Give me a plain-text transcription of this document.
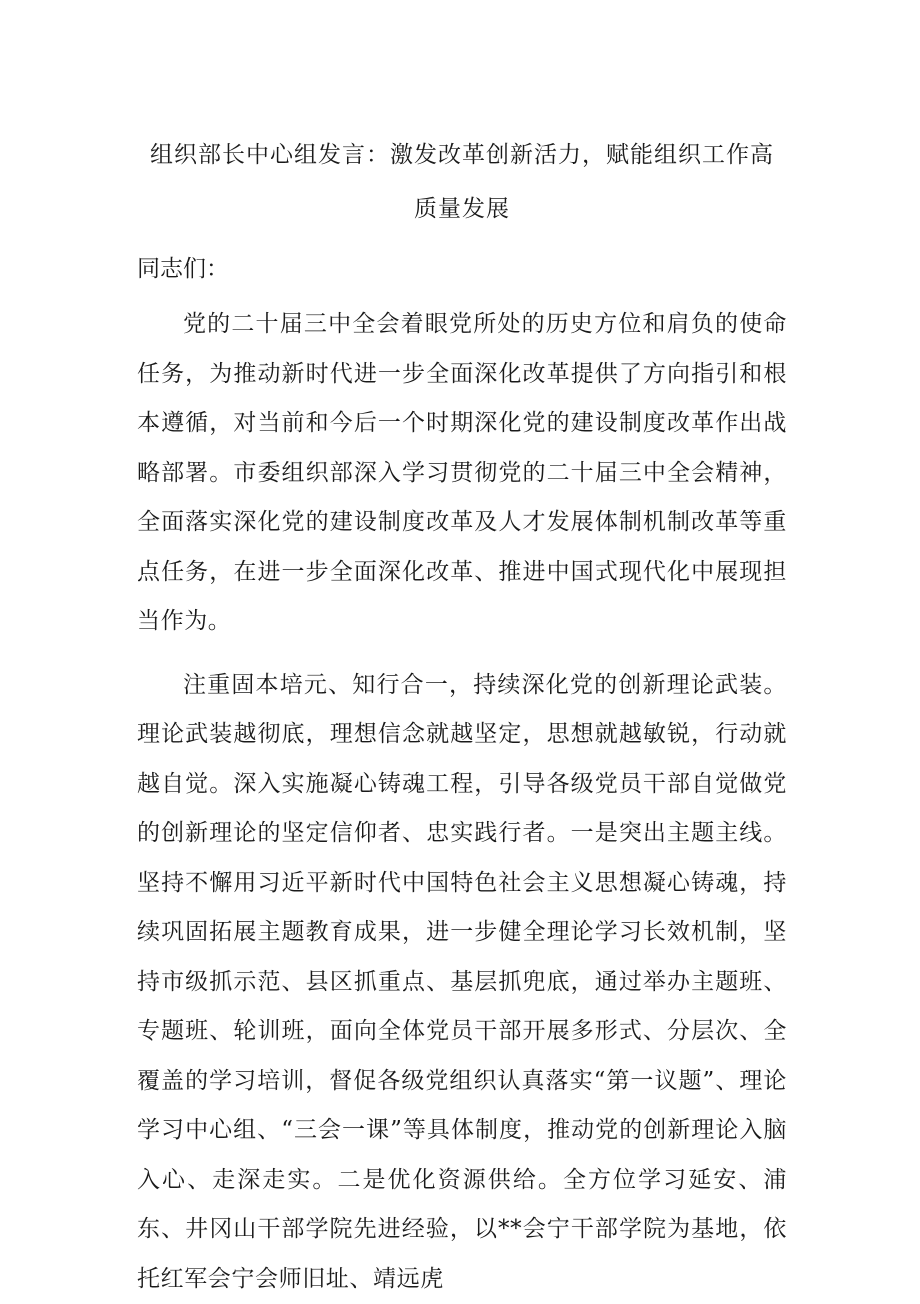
组织部长中心组发言：激发改革创新活力，赋能组织工作高
质量发展
同志们：

党的二十届三中全会着眼党所处的历史方位和肩负的使命任务，为推动新时代进一步全面深化改革提供了方向指引和根本遵循，对当前和今后一个时期深化党的建设制度改革作出战略部署。市委组织部深入学习贯彻党的二十届三中全会精神，全面落实深化党的建设制度改革及人才发展体制机制改革等重点任务，在进一步全面深化改革、推进中国式现代化中展现担当作为。

注重固本培元、知行合一，持续深化党的创新理论武装。理论武装越彻底，理想信念就越坚定，思想就越敏锐，行动就越自觉。深入实施凝心铸魂工程，引导各级党员干部自觉做党的创新理论的坚定信仰者、忠实践行者。一是突出主题主线。坚持不懈用习近平新时代中国特色社会主义思想凝心铸魂，持续巩固拓展主题教育成果，进一步健全理论学习长效机制，坚持市级抓示范、县区抓重点、基层抓兜底，通过举办主题班、专题班、轮训班，面向全体党员干部开展多形式、分层次、全覆盖的学习培训，督促各级党组织认真落实“第一议题”、理论学习中心组、“三会一课”等具体制度，推动党的创新理论入脑入心、走深走实。二是优化资源供给。全方位学习延安、浦东、井冈山干部学院先进经验，以**会宁干部学院为基地，依托红军会宁会师旧址、靖远虎
